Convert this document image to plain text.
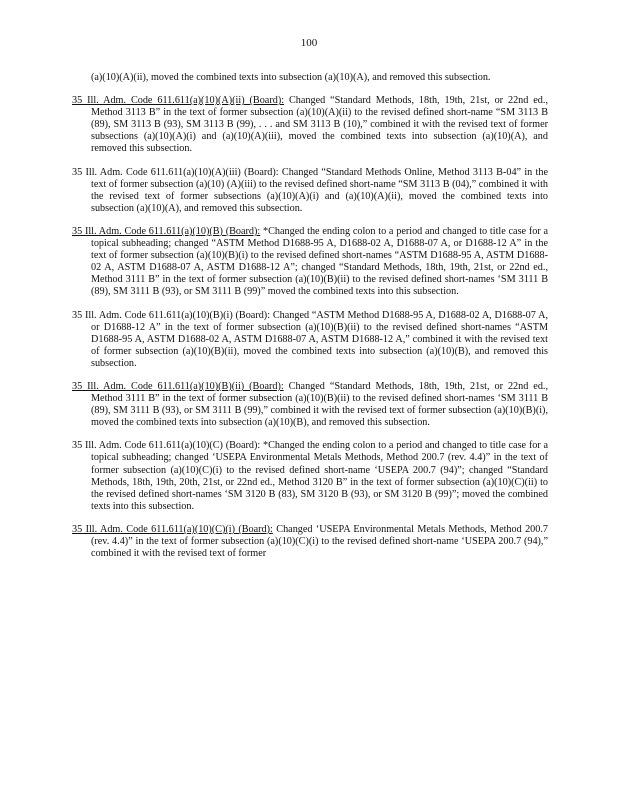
100

(a)(10)(A)(ii), moved the combined texts into subsection (a)(10)(A), and removed this subsection.

35 Ill. Adm. Code 611.611(a)(10)(A)(ii) (Board): Changed “Standard Methods, 18th, 19th, 21st, or 22nd ed., Method 3113 B” in the text of former subsection (a)(10)(A)(ii) to the revised defined short-name “SM 3113 B (89), SM 3113 B (93), SM 3113 B (99), . . . and SM 3113 B (10),” combined it with the revised text of former subsections (a)(10)(A)(i) and (a)(10)(A)(iii), moved the combined texts into subsection (a)(10)(A), and removed this subsection.

35 Ill. Adm. Code 611.611(a)(10)(A)(iii) (Board): Changed “Standard Methods Online, Method 3113 B-04” in the text of former subsection (a)(10) (A)(iii) to the revised defined short-name “SM 3113 B (04),” combined it with the revised text of former subsections (a)(10)(A)(i) and (a)(10)(A)(ii), moved the combined texts into subsection (a)(10)(A), and removed this subsection.

35 Ill. Adm. Code 611.611(a)(10)(B) (Board): *Changed the ending colon to a period and changed to title case for a topical subheading; changed “ASTM Method D1688-95 A, D1688-02 A, D1688-07 A, or D1688-12 A” in the text of former subsection (a)(10)(B)(i) to the revised defined short-names “ASTM D1688-95 A, ASTM D1688-02 A, ASTM D1688-07 A, ASTM D1688-12 A”; changed “Standard Methods, 18th, 19th, 21st, or 22nd ed., Method 3111 B” in the text of former subsection (a)(10)(B)(ii) to the revised defined short-names ‘SM 3111 B (89), SM 3111 B (93), or SM 3111 B (99)” moved the combined texts into this subsection.

35 Ill. Adm. Code 611.611(a)(10)(B)(i) (Board): Changed “ASTM Method D1688-95 A, D1688-02 A, D1688-07 A, or D1688-12 A” in the text of former subsection (a)(10)(B)(ii) to the revised defined short-names “ASTM D1688-95 A, ASTM D1688-02 A, ASTM D1688-07 A, ASTM D1688-12 A,” combined it with the revised text of former subsection (a)(10)(B)(ii), moved the combined texts into subsection (a)(10)(B), and removed this subsection.

35 Ill. Adm. Code 611.611(a)(10)(B)(ii) (Board): Changed “Standard Methods, 18th, 19th, 21st, or 22nd ed., Method 3111 B” in the text of former subsection (a)(10)(B)(ii) to the revised defined short-names ‘SM 3111 B (89), SM 3111 B (93), or SM 3111 B (99),” combined it with the revised text of former subsection (a)(10)(B)(i), moved the combined texts into subsection (a)(10)(B), and removed this subsection.

35 Ill. Adm. Code 611.611(a)(10)(C) (Board): *Changed the ending colon to a period and changed to title case for a topical subheading; changed ‘USEPA Environmental Metals Methods, Method 200.7 (rev. 4.4)” in the text of former subsection (a)(10)(C)(i) to the revised defined short-name ‘USEPA 200.7 (94)”; changed “Standard Methods, 18th, 19th, 20th, 21st, or 22nd ed., Method 3120 B” in the text of former subsection (a)(10)(C)(ii) to the revised defined short-names ‘SM 3120 B (83), SM 3120 B (93), or SM 3120 B (99)”; moved the combined texts into this subsection.

35 Ill. Adm. Code 611.611(a)(10)(C)(i) (Board): Changed ‘USEPA Environmental Metals Methods, Method 200.7 (rev. 4.4)” in the text of former subsection (a)(10)(C)(i) to the revised defined short-name ‘USEPA 200.7 (94),” combined it with the revised text of former
